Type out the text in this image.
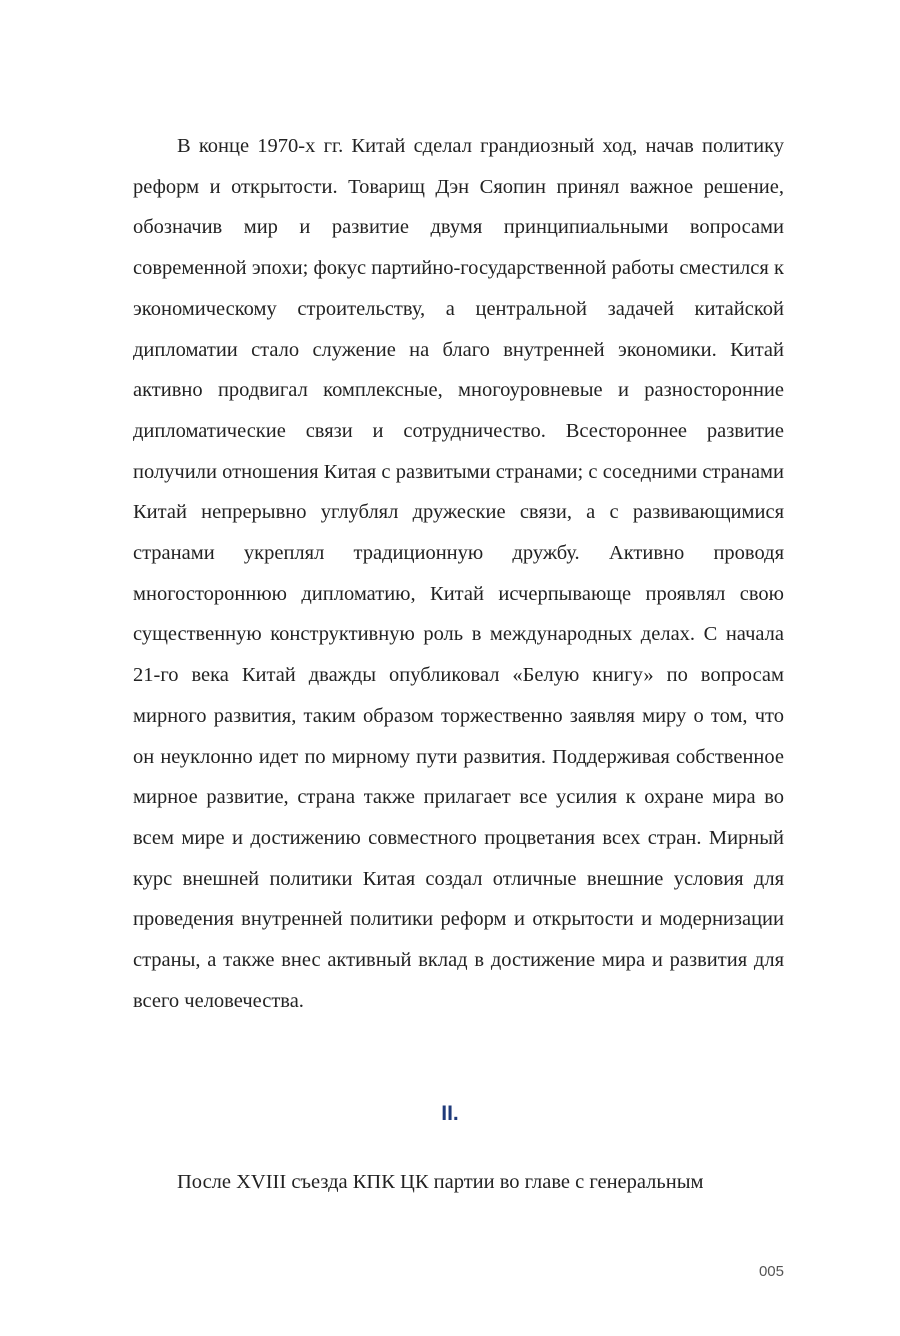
В конце 1970-х гг. Китай сделал грандиозный ход, начав политику реформ и открытости. Товарищ Дэн Сяопин принял важное решение, обозначив мир и развитие двумя принципиальными вопросами современной эпохи; фокус партийно-государственной работы сместился к экономическому строительству, а центральной задачей китайской дипломатии стало служение на благо внутренней экономики. Китай активно продвигал комплексные, многоуровневые и разносторонние дипломатические связи и сотрудничество. Всестороннее развитие получили отношения Китая с развитыми странами; с соседними странами Китай непрерывно углублял дружеские связи, а с развивающимися странами укреплял традиционную дружбу. Активно проводя многостороннюю дипломатию, Китай исчерпывающе проявлял свою существенную конструктивную роль в международных делах. С начала 21-го века Китай дважды опубликовал «Белую книгу» по вопросам мирного развития, таким образом торжественно заявляя миру о том, что он неуклонно идет по мирному пути развития. Поддерживая собственное мирное развитие, страна также прилагает все усилия к охране мира во всем мире и достижению совместного процветания всех стран. Мирный курс внешней политики Китая создал отличные внешние условия для проведения внутренней политики реформ и открытости и модернизации страны, а также внес активный вклад в достижение мира и развития для всего человечества.

II.

После XVIII съезда КПК ЦК партии во главе с генеральным

005
